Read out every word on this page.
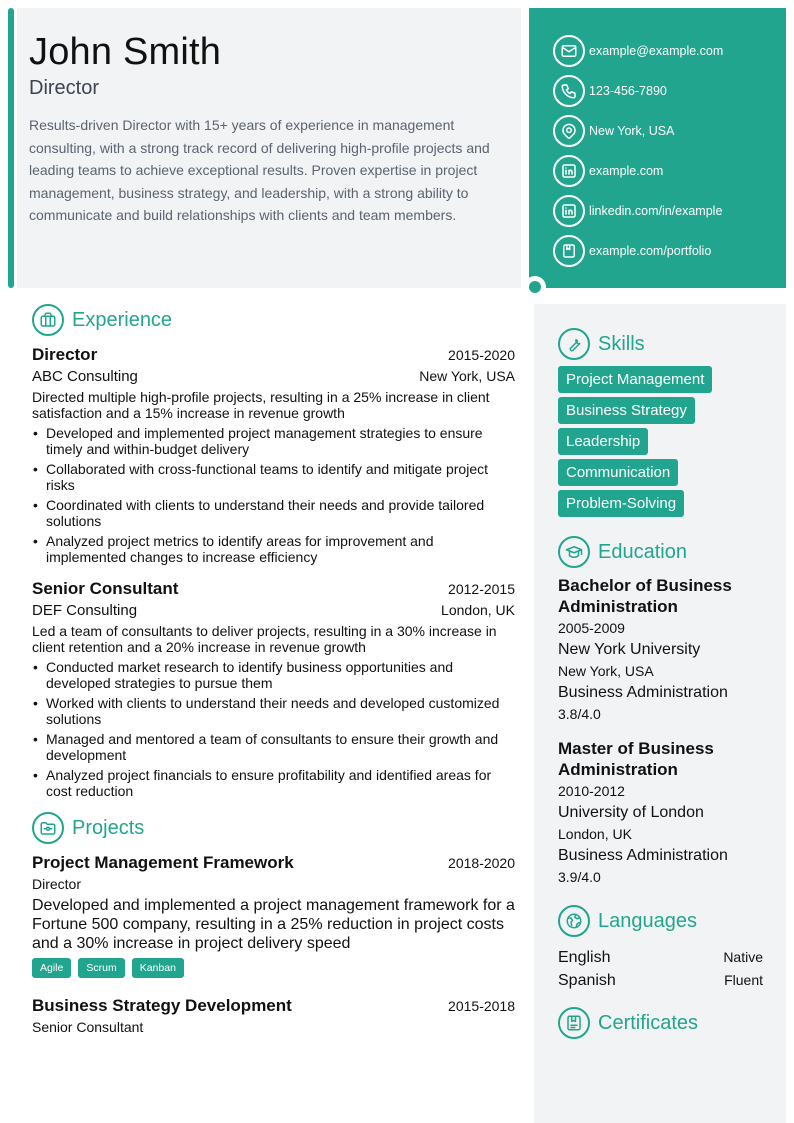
John Smith
Director

Results-driven Director with 15+ years of experience in management consulting, with a strong track record of delivering high-profile projects and leading teams to achieve exceptional results. Proven expertise in project management, business strategy, and leadership, with a strong ability to communicate and build relationships with clients and team members.

example@example.com
123-456-7890
New York, USA
example.com
linkedin.com/in/example
example.com/portfolio
Experience
Director	2015-2020
ABC Consulting	New York, USA

Directed multiple high-profile projects, resulting in a 25% increase in client satisfaction and a 15% increase in revenue growth

• Developed and implemented project management strategies to ensure timely and within-budget delivery
• Collaborated with cross-functional teams to identify and mitigate project risks
• Coordinated with clients to understand their needs and provide tailored solutions
• Analyzed project metrics to identify areas for improvement and implemented changes to increase efficiency
Senior Consultant	2012-2015
DEF Consulting	London, UK

Led a team of consultants to deliver projects, resulting in a 30% increase in client retention and a 20% increase in revenue growth

• Conducted market research to identify business opportunities and developed strategies to pursue them
• Worked with clients to understand their needs and developed customized solutions
• Managed and mentored a team of consultants to ensure their growth and development
• Analyzed project financials to ensure profitability and identified areas for cost reduction
Projects
Project Management Framework	2018-2020
Director

Developed and implemented a project management framework for a Fortune 500 company, resulting in a 25% reduction in project costs and a 30% increase in project delivery speed

Agile	Scrum	Kanban
Business Strategy Development	2015-2018
Senior Consultant
Skills
Project Management
Business Strategy
Leadership
Communication
Problem-Solving
Education
Bachelor of Business Administration
2005-2009
New York University
New York, USA
Business Administration
3.8/4.0
Master of Business Administration
2010-2012
University of London
London, UK
Business Administration
3.9/4.0
Languages
English	Native
Spanish	Fluent
Certificates
